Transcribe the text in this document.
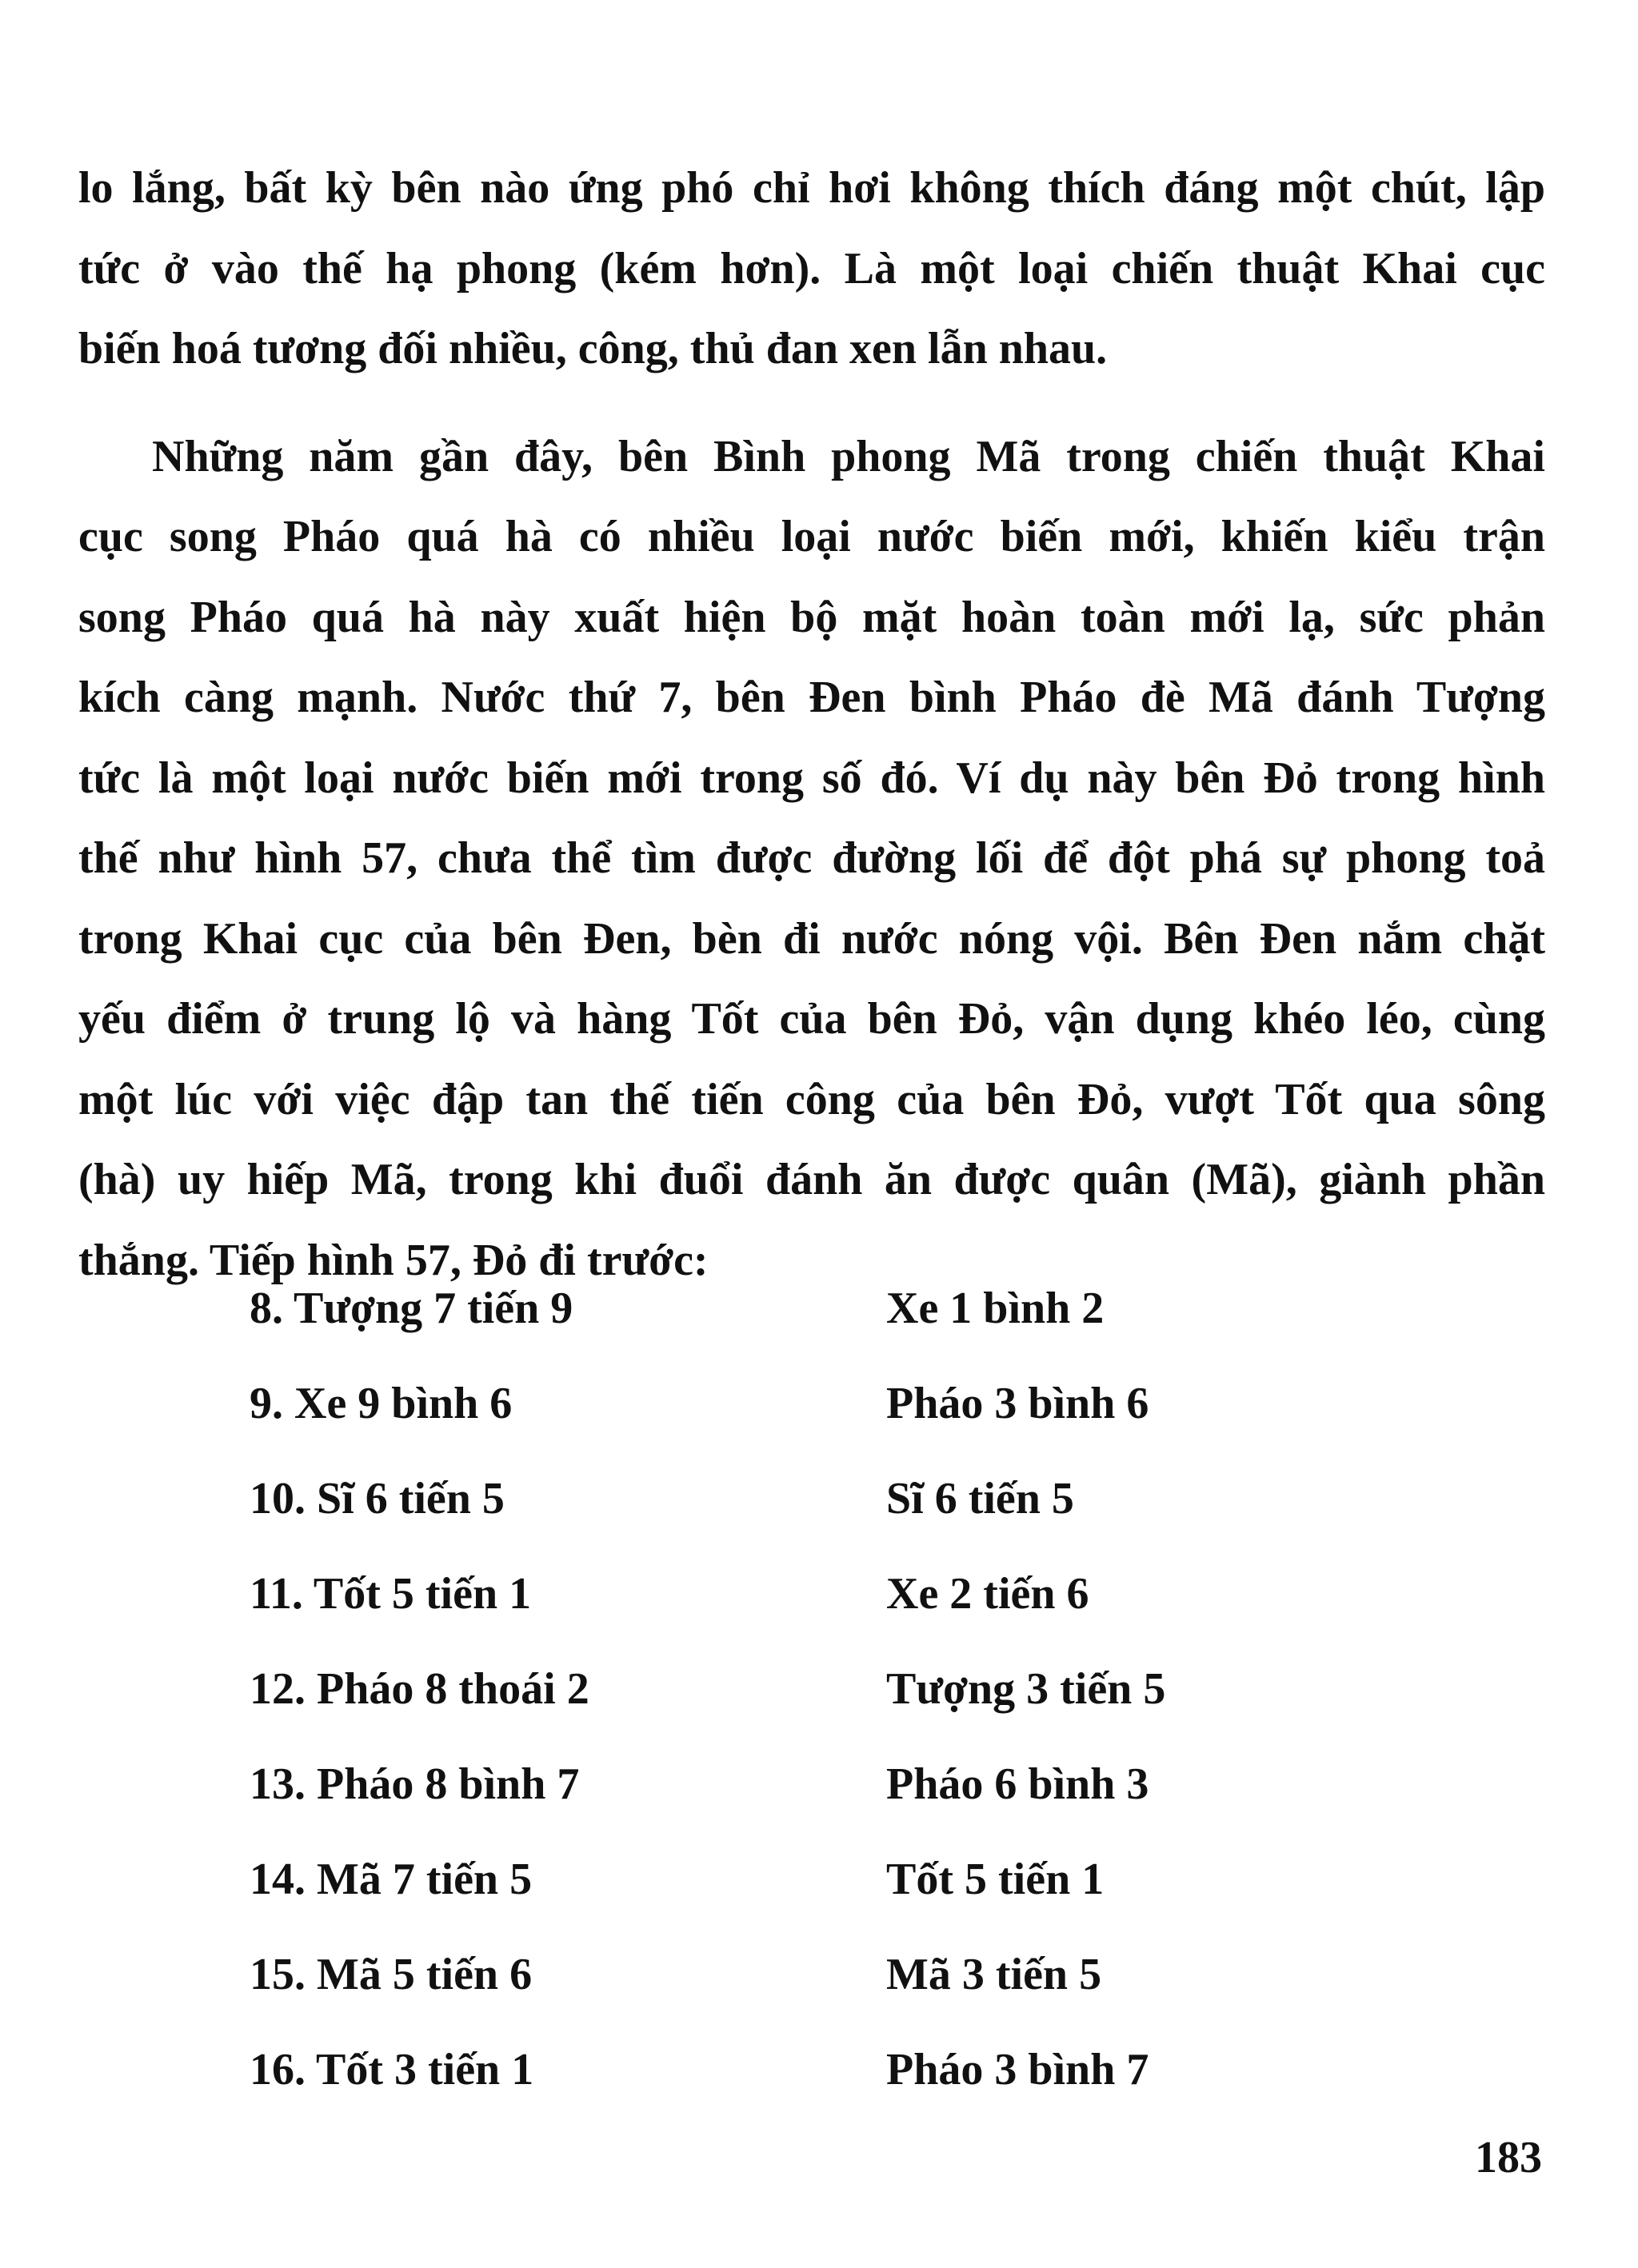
lo lắng, bất kỳ bên nào ứng phó chỉ hơi không thích đáng một chút, lập
tức ở vào thế hạ phong (kém hơn). Là một loại chiến thuật Khai cục
biến hoá tương đối nhiều, công, thủ đan xen lẫn nhau.
Những năm gần đây, bên Bình phong Mã trong chiến thuật Khai
cục song Pháo quá hà có nhiều loại nước biến mới, khiến kiểu trận
song Pháo quá hà này xuất hiện bộ mặt hoàn toàn mới lạ, sức phản
kích càng mạnh. Nước thứ 7, bên Đen bình Pháo đè Mã đánh Tượng
tức là một loại nước biến mới trong số đó. Ví dụ này bên Đỏ trong hình
thế như hình 57, chưa thể tìm được đường lối để đột phá sự phong toả
trong Khai cục của bên Đen, bèn đi nước nóng vội. Bên Đen nắm chặt
yếu điểm ở trung lộ và hàng Tốt của bên Đỏ, vận dụng khéo léo, cùng
một lúc với việc đập tan thế tiến công của bên Đỏ, vượt Tốt qua sông
(hà) uy hiếp Mã, trong khi đuổi đánh ăn được quân (Mã), giành phần
thắng. Tiếp hình 57, Đỏ đi trước:
8. Tượng 7 tiến 9	Xe 1 bình 2
9. Xe 9 bình 6	Pháo 3 bình 6
10. Sĩ 6 tiến 5	Sĩ 6 tiến 5
11. Tốt 5 tiến 1	Xe 2 tiến 6
12. Pháo 8 thoái 2	Tượng 3 tiến 5
13. Pháo 8 bình 7	Pháo 6 bình 3
14. Mã 7 tiến 5	Tốt 5 tiến 1
15. Mã 5 tiến 6	Mã 3 tiến 5
16. Tốt 3 tiến 1	Pháo 3 bình 7
183
